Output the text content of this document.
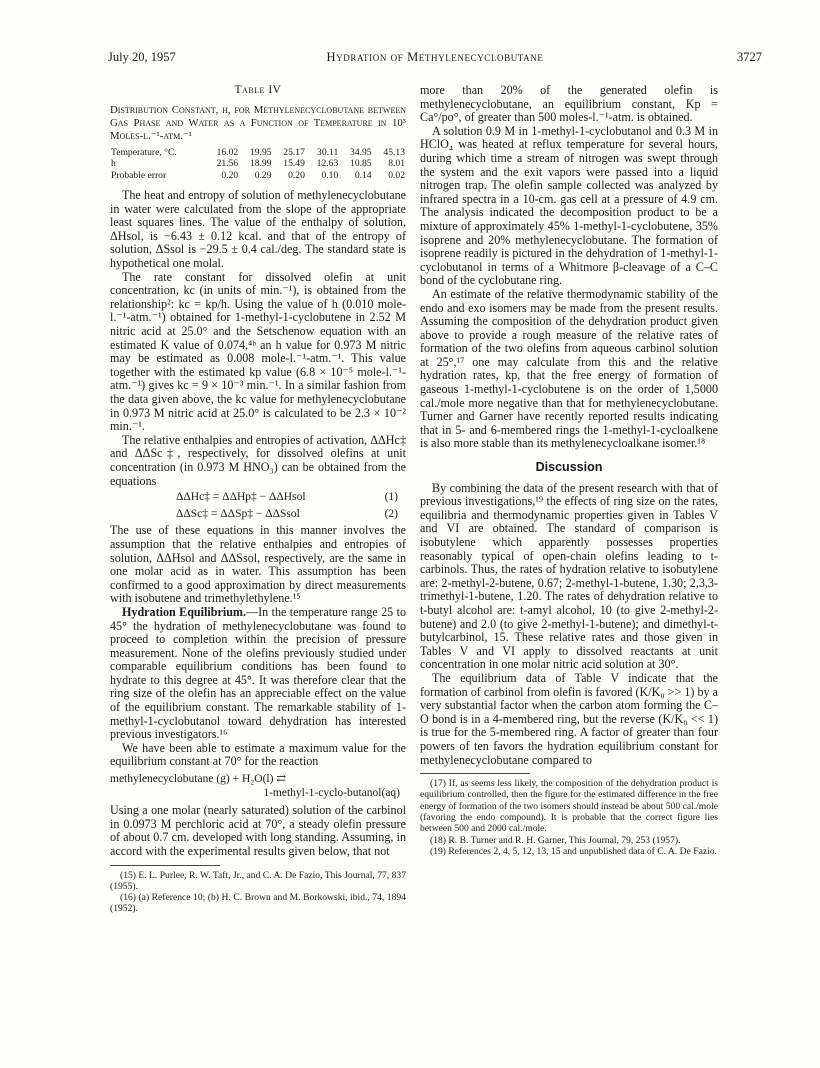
July 20, 1957	Hydration of Methylenecyclobutane	3727
Table IV

Distribution Constant, h, for Methylenecyclobutane between Gas Phase and Water as a Function of Temperature in 10³ Moles-l.⁻¹-atm.⁻¹

Temperature, °C.	16.02	19.95	25.17	30.11	34.95	45.13
h	21.56	18.99	15.49	12.63	10.85	8.01
Probable error	0.20	0.29	0.20	0.10	0.14	0.02

The heat and entropy of solution of methylenecyclobutane in water were calculated from the slope of the appropriate least squares lines. The value of the enthalpy of solution, ΔHsol, is −6.43 ± 0.12 kcal. and that of the entropy of solution, ΔSsol is −29.5 ± 0.4 cal./deg. The standard state is hypothetical one molal.

The rate constant for dissolved olefin at unit concentration, kc (in units of min.⁻¹), is obtained from the relationship²: kc = kp/h. Using the value of h (0.010 mole-l.⁻¹-atm.⁻¹) obtained for 1-methyl-1-cyclobutene in 2.52 M nitric acid at 25.0° and the Setschenow equation with an estimated K value of 0.074,⁴ᵇ an h value for 0.973 M nitric may be estimated as 0.008 mole-l.⁻¹-atm.⁻¹. This value together with the estimated kp value (6.8 × 10⁻⁵ mole-l.⁻¹-atm.⁻¹) gives kc = 9 × 10⁻³ min.⁻¹. In a similar fashion from the data given above, the kc value for methylenecyclobutane in 0.973 M nitric acid at 25.0° is calculated to be 2.3 × 10⁻² min.⁻¹.

The relative enthalpies and entropies of activation, ΔΔHc‡ and ΔΔSc‡, respectively, for dissolved olefins at unit concentration (in 0.973 M HNO₃) can be obtained from the equations

ΔΔHc‡ = ΔΔHp‡ − ΔΔHsol	(1)
ΔΔSc‡ = ΔΔSp‡ − ΔΔSsol	(2)

The use of these equations in this manner involves the assumption that the relative enthalpies and entropies of solution, ΔΔHsol and ΔΔSsol, respectively, are the same in one molar acid as in water. This assumption has been confirmed to a good approximation by direct measurements with isobutene and trimethylethylene.¹⁵

Hydration Equilibrium.—In the temperature range 25 to 45° the hydration of methylenecyclobutane was found to proceed to completion within the precision of pressure measurement. None of the olefins previously studied under comparable equilibrium conditions has been found to hydrate to this degree at 45°. It was therefore clear that the ring size of the olefin has an appreciable effect on the value of the equilibrium constant. The remarkable stability of 1-methyl-1-cyclobutanol toward dehydration has interested previous investigators.¹⁶

We have been able to estimate a maximum value for the equilibrium constant at 70° for the reaction

methylenecyclobutane (g) + H₂O(l) ⇄
1-methyl-1-cyclo-butanol(aq)

Using a one molar (nearly saturated) solution of the carbinol in 0.0973 M perchloric acid at 70°, a steady olefin pressure of about 0.7 cm. developed with long standing. Assuming, in accord with the experimental results given below, that not

(15) E. L. Purlee, R. W. Taft, Jr., and C. A. De Fazio, This Journal, 77, 837 (1955).

(16) (a) Reference 10; (b) H. C. Brown and M. Borkowski, ibid., 74, 1894 (1952).

more than 20% of the generated olefin is methylenecyclobutane, an equilibrium constant, Kp = Ca°/po°, of greater than 500 moles-l.⁻¹-atm. is obtained.

A solution 0.9 M in 1-methyl-1-cyclobutanol and 0.3 M in HClO₄ was heated at reflux temperature for several hours, during which time a stream of nitrogen was swept through the system and the exit vapors were passed into a liquid nitrogen trap. The olefin sample collected was analyzed by infrared spectra in a 10-cm. gas cell at a pressure of 4.9 cm. The analysis indicated the decomposition product to be a mixture of approximately 45% 1-methyl-1-cyclobutene, 35% isoprene and 20% methylenecyclobutane. The formation of isoprene readily is pictured in the dehydration of 1-methyl-1-cyclobutanol in terms of a Whitmore β-cleavage of a C–C bond of the cyclobutane ring.

An estimate of the relative thermodynamic stability of the endo and exo isomers may be made from the present results. Assuming the composition of the dehydration product given above to provide a rough measure of the relative rates of formation of the two olefins from aqueous carbinol solution at 25°,¹⁷ one may calculate from this and the relative hydration rates, kp, that the free energy of formation of gaseous 1-methyl-1-cyclobutene is on the order of 1,5000 cal./mole more negative than that for methylenecyclobutane. Turner and Garner have recently reported results indicating that in 5- and 6-membered rings the 1-methyl-1-cycloalkene is also more stable than its methylenecycloalkane isomer.¹⁸

Discussion

By combining the data of the present research with that of previous investigations,¹⁹ the effects of ring size on the rates, equilibria and thermodynamic properties given in Tables V and VI are obtained. The standard of comparison is isobutylene which apparently possesses properties reasonably typical of open-chain olefins leading to t-carbinols. Thus, the rates of hydration relative to isobutylene are: 2-methyl-2-butene, 0.67; 2-methyl-1-butene, 1.30; 2,3,3-trimethyl-1-butene, 1.20. The rates of dehydration relative to t-butyl alcohol are: t-amyl alcohol, 10 (to give 2-methyl-2-butene) and 2.0 (to give 2-methyl-1-butene); and dimethyl-t-butylcarbinol, 15. These relative rates and those given in Tables V and VI apply to dissolved reactants at unit concentration in one molar nitric acid solution at 30°.

The equilibrium data of Table V indicate that the formation of carbinol from olefin is favored (K/K₀ >> 1) by a very substantial factor when the carbon atom forming the C–O bond is in a 4-membered ring, but the reverse (K/K₀ << 1) is true for the 5-membered ring. A factor of greater than four powers of ten favors the hydration equilibrium constant for methylenecyclobutane compared to

(17) If, as seems less likely, the composition of the dehydration product is equilibrium controlled, then the figure for the estimated difference in the free energy of formation of the two isomers should instead be about 500 cal./mole (favoring the endo compound). It is probable that the correct figure lies between 500 and 2000 cal./mole.

(18) R. B. Turner and R. H. Garner, This Journal, 79, 253 (1957).

(19) References 2, 4, 5, 12, 13, 15 and unpublished data of C. A. De Fazio.
